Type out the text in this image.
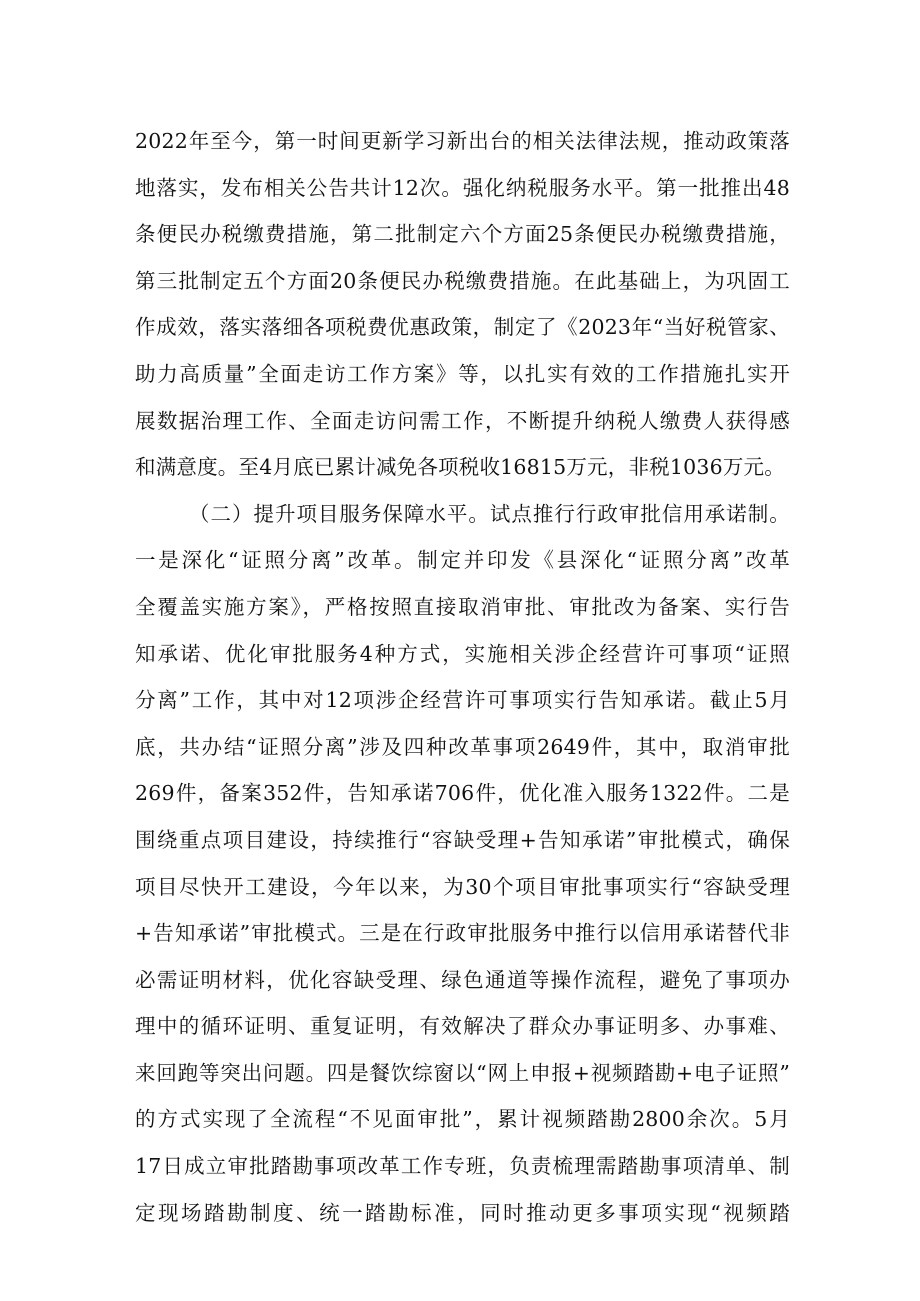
2022年至今，第一时间更新学习新出台的相关法律法规，推动政策落
地落实，发布相关公告共计12次。强化纳税服务水平。第一批推出48
条便民办税缴费措施，第二批制定六个方面25条便民办税缴费措施，
第三批制定五个方面20条便民办税缴费措施。在此基础上，为巩固工
作成效，落实落细各项税费优惠政策，制定了《2023年“当好税管家、
助力高质量”全面走访工作方案》等，以扎实有效的工作措施扎实开
展数据治理工作、全面走访问需工作，不断提升纳税人缴费人获得感
和满意度。至4月底已累计减免各项税收16815万元，非税1036万元。
（二）提升项目服务保障水平。试点推行行政审批信用承诺制。
一是深化“证照分离”改革。制定并印发《县深化“证照分离”改革
全覆盖实施方案》，严格按照直接取消审批、审批改为备案、实行告
知承诺、优化审批服务4种方式，实施相关涉企经营许可事项“证照
分离”工作，其中对12项涉企经营许可事项实行告知承诺。截止5月
底，共办结“证照分离”涉及四种改革事项2649件，其中，取消审批
269件，备案352件，告知承诺706件，优化准入服务1322件。二是
围绕重点项目建设，持续推行“容缺受理+告知承诺”审批模式，确保
项目尽快开工建设，今年以来，为30个项目审批事项实行“容缺受理
+告知承诺”审批模式。三是在行政审批服务中推行以信用承诺替代非
必需证明材料，优化容缺受理、绿色通道等操作流程，避免了事项办
理中的循环证明、重复证明，有效解决了群众办事证明多、办事难、
来回跑等突出问题。四是餐饮综窗以“网上申报+视频踏勘+电子证照”
的方式实现了全流程“不见面审批”，累计视频踏勘2800余次。5月
17日成立审批踏勘事项改革工作专班，负责梳理需踏勘事项清单、制
定现场踏勘制度、统一踏勘标准，同时推动更多事项实现“视频踏
